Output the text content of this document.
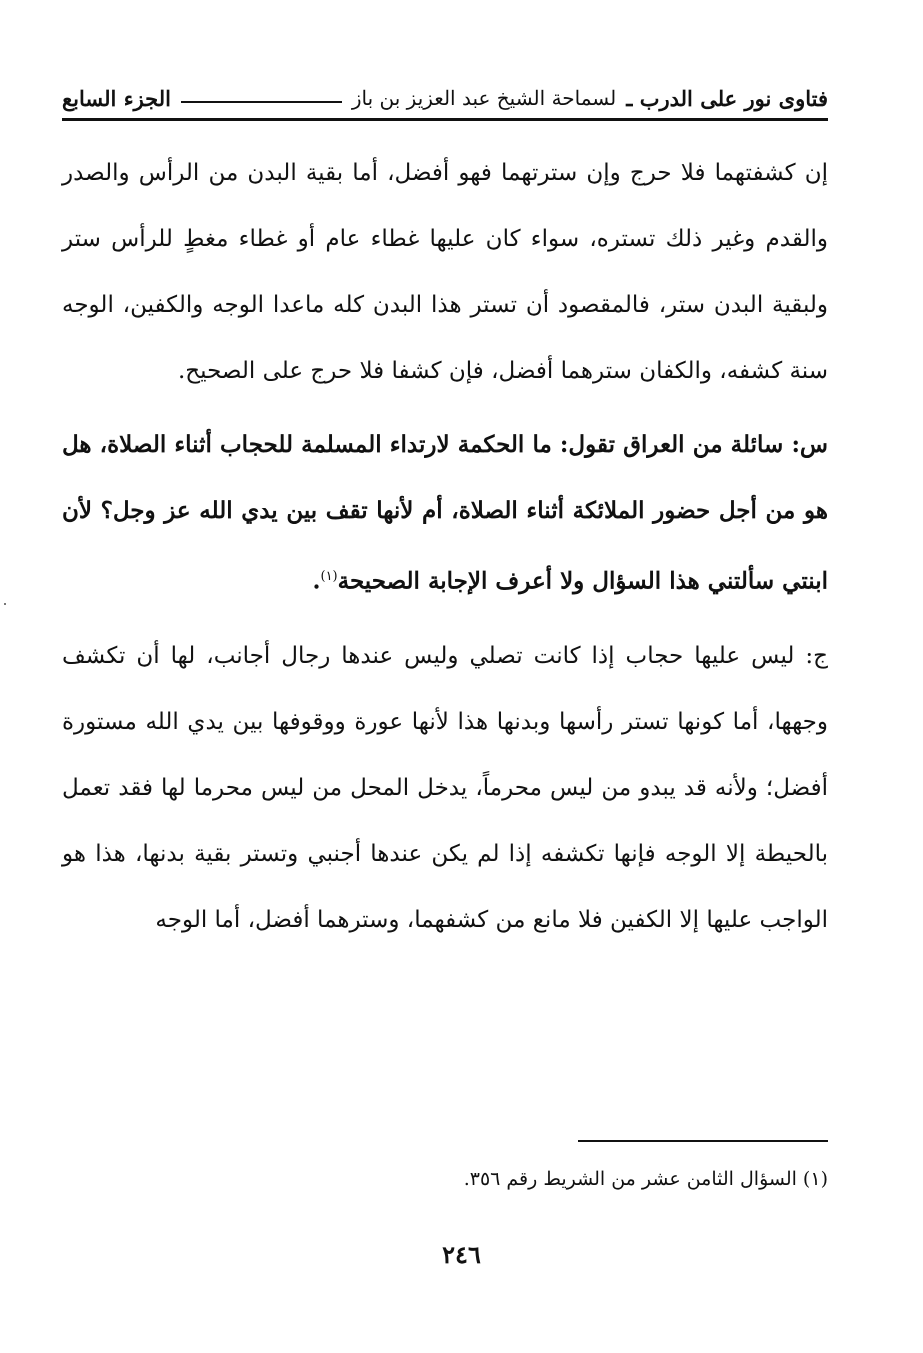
فتاوى نور على الدرب ـ
لسماحة الشيخ عبد العزيز بن باز
الجزء السابع

إن كشفتهما فلا حرج وإن سترتهما فهو أفضل، أما بقية البدن من الرأس والصدر والقدم وغير ذلك تستره، سواء كان عليها غطاء عام أو غطاء مغطٍ للرأس ستر ولبقية البدن ستر، فالمقصود أن تستر هذا البدن كله ماعدا الوجه والكفين، الوجه سنة كشفه، والكفان سترهما أفضل، فإن كشفا فلا حرج على الصحيح.

س: سائلة من العراق تقول: ما الحكمة لارتداء المسلمة للحجاب أثناء الصلاة، هل هو من أجل حضور الملائكة أثناء الصلاة، أم لأنها تقف بين يدي الله عز وجل؟ لأن ابنتي سألتني هذا السؤال ولا أعرف الإجابة الصحيحة$^{(١)}$.

ج: ليس عليها حجاب إذا كانت تصلي وليس عندها رجال أجانب، لها أن تكشف وجهها، أما كونها تستر رأسها وبدنها هذا لأنها عورة ووقوفها بين يدي الله مستورة أفضل؛ ولأنه قد يبدو من ليس محرماً، يدخل المحل من ليس محرما لها فقد تعمل بالحيطة إلا الوجه فإنها تكشفه إذا لم يكن عندها أجنبي وتستر بقية بدنها، هذا هو الواجب عليها إلا الكفين فلا مانع من كشفهما، وسترهما أفضل، أما الوجه

(١) السؤال الثامن عشر من الشريط رقم ٣٥٦.
٢٤٦
